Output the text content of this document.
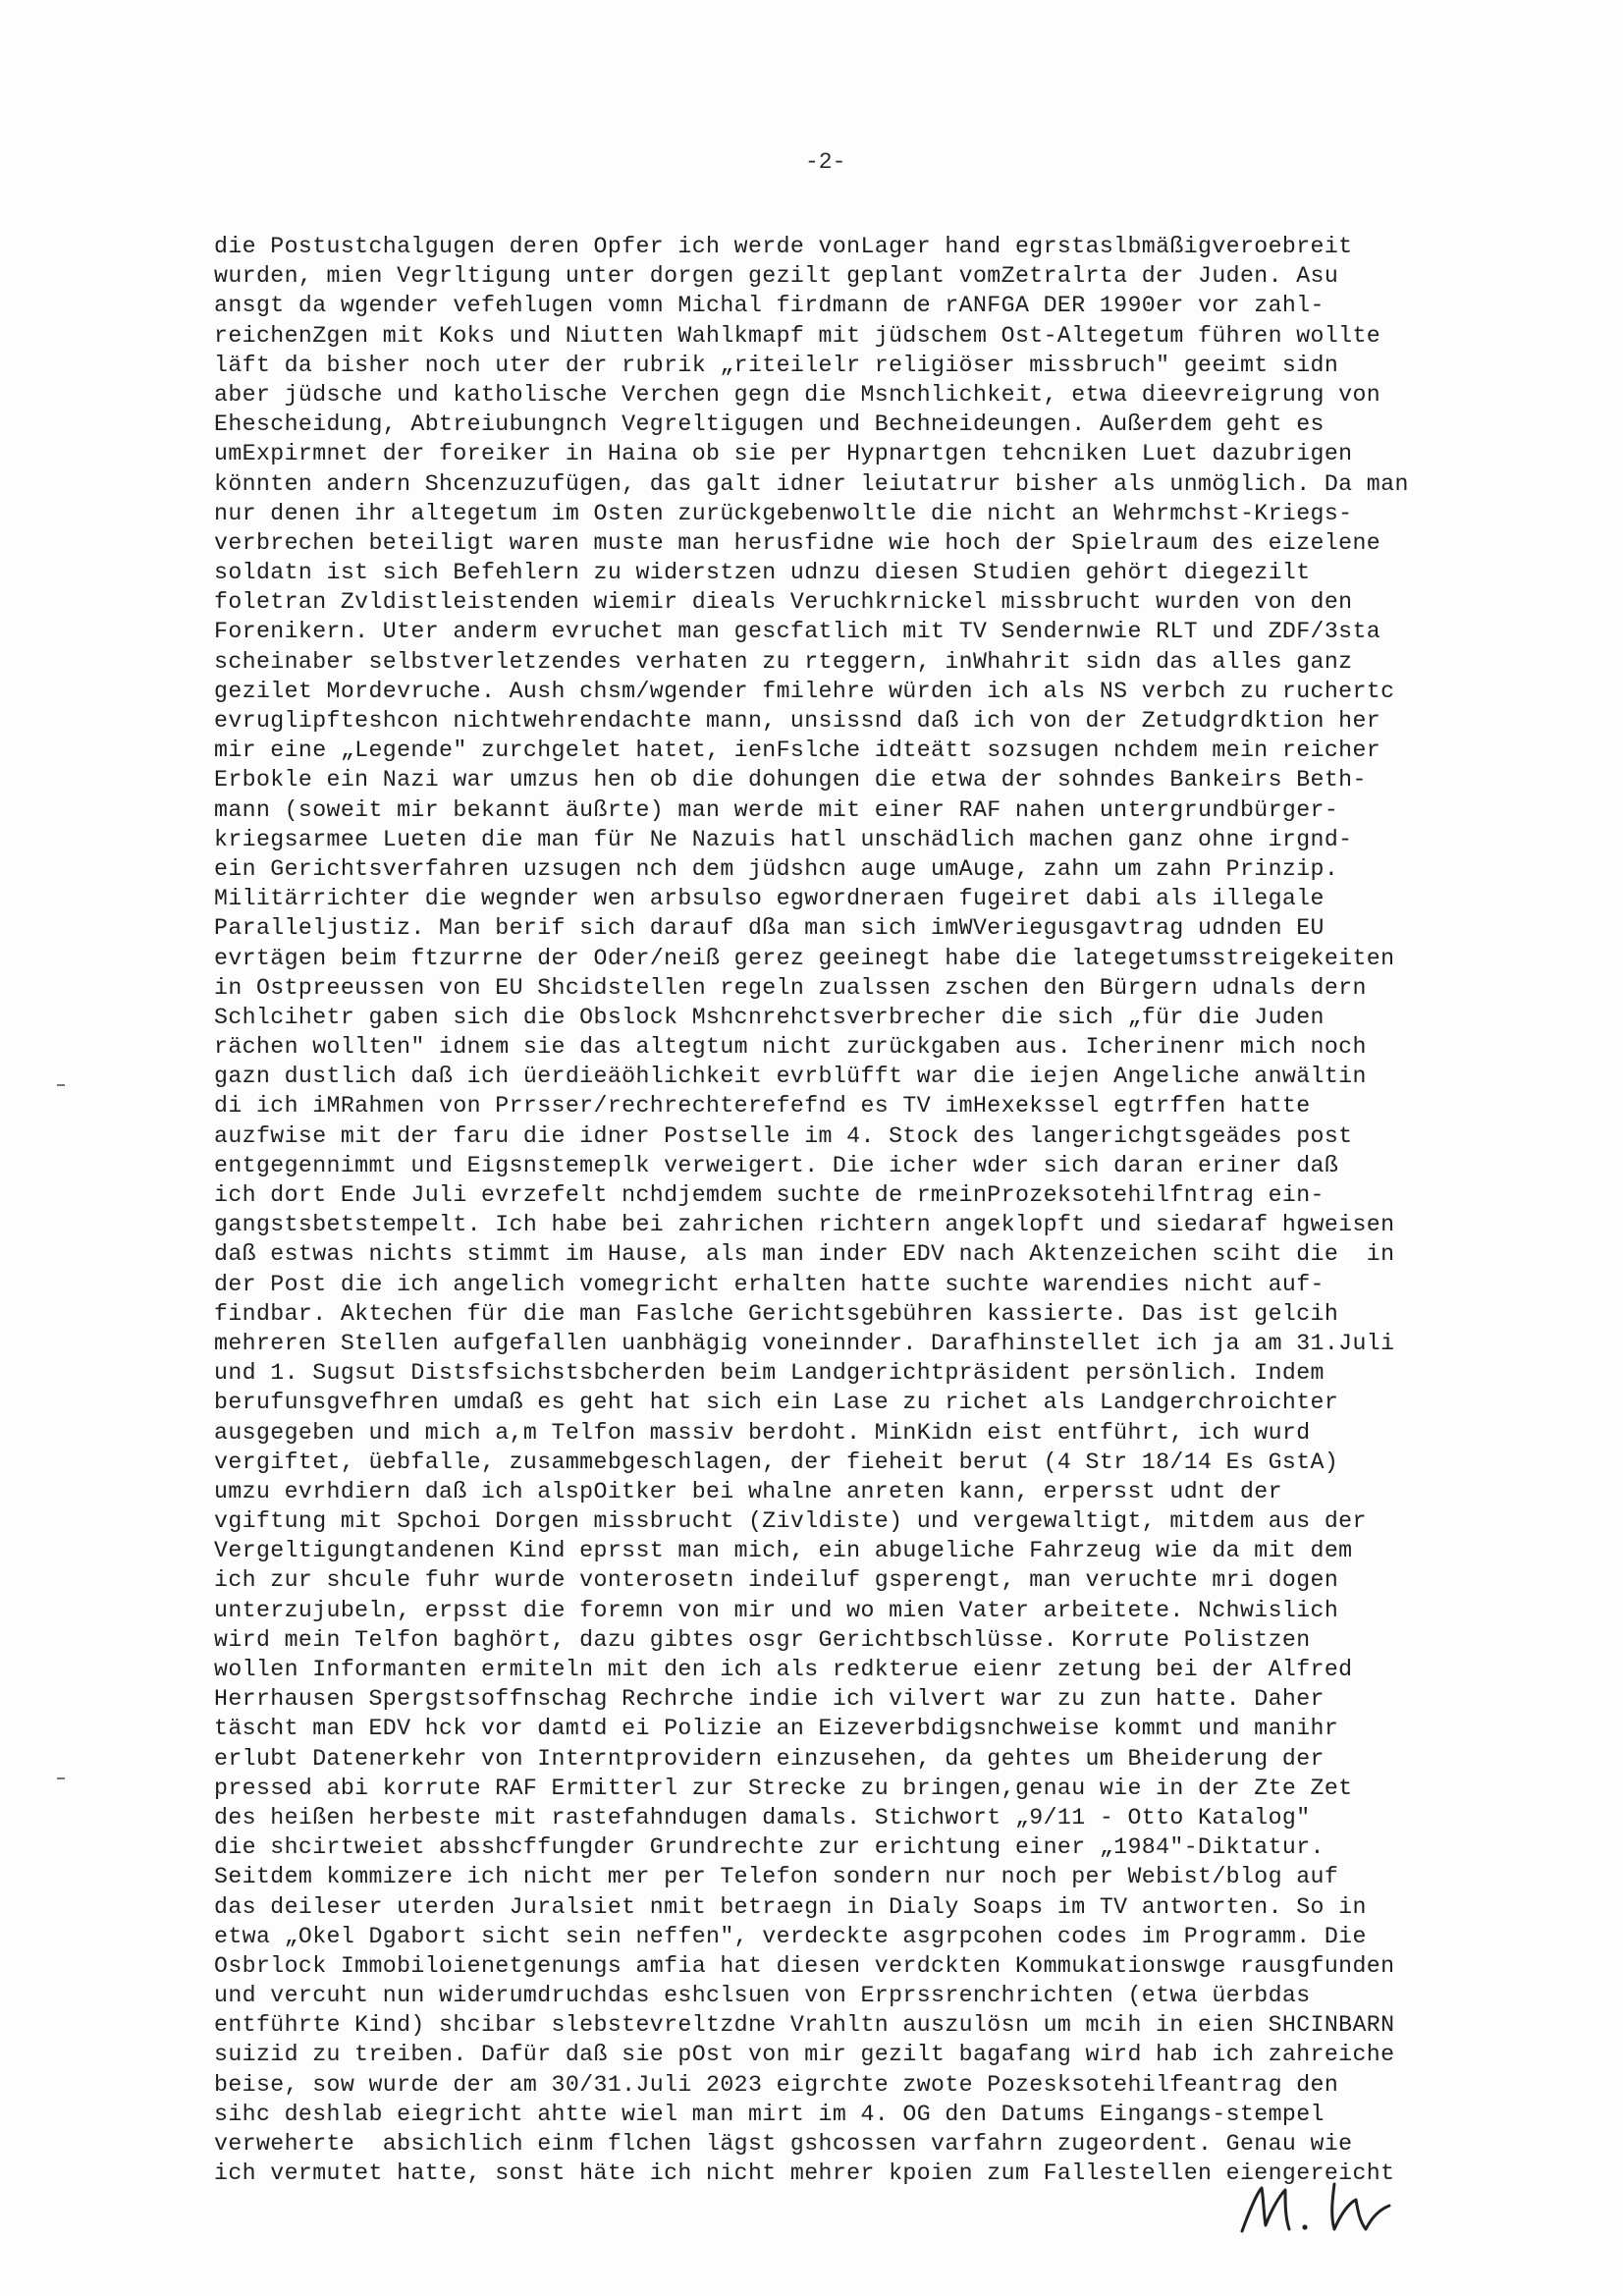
-2-
die Postustchalgugen deren Opfer ich werde vonLager hand egrstaslbmäßigveroebreit
wurden, mien Vegrltigung unter dorgen gezilt geplant vomZetralrta der Juden. Asu
ansgt da wgender vefehlugen vomn Michal firdmann de rANFGA DER 1990er vor zahl-
reichenZgen mit Koks und Niutten Wahlkmapf mit jüdschem Ost-Altegetum führen wollte
läft da bisher noch uter der rubrik „riteilelr religiöser missbruch" geeimt sidn
aber jüdsche und katholische Verchen gegn die Msnchlichkeit, etwa dieevreigrung von
Ehescheidung, Abtreiubungnch Vegreltigugen und Bechneideungen. Außerdem geht es
umExpirmnet der foreiker in Haina ob sie per Hypnartgen tehcniken Luet dazubrigen
könnten andern Shcenzuzufügen, das galt idner leiutatrur bisher als unmöglich. Da man
nur denen ihr altegetum im Osten zurückgebenwoltle die nicht an Wehrmchst-Kriegs-
verbrechen beteiligt waren muste man herusfidne wie hoch der Spielraum des eizelene
soldatn ist sich Befehlern zu widerstzen udnzu diesen Studien gehört diegezilt
foletran Zvldistleistenden wiemir dieals Veruchkrnickel missbrucht wurden von den
Forenikern. Uter anderm evruchet man gescfatlich mit TV Sendernwie RLT und ZDF/3sta
scheinaber selbstverletzendes verhaten zu rteggern, inWhahrit sidn das alles ganz
gezilet Mordevruche. Aush chsm/wgender fmilehre würden ich als NS verbch zu ruchertc
evruglipfteshcon nichtwehrendachte mann, unsissnd daß ich von der Zetudgrdktion her
mir eine „Legende" zurchgelet hatet, ienFslche idteätt sozsugen nchdem mein reicher
Erbokle ein Nazi war umzus hen ob die dohungen die etwa der sohndes Bankeirs Beth-
mann (soweit mir bekannt äußrte) man werde mit einer RAF nahen untergrundbürger-
kriegsarmee Lueten die man für Ne Nazuis hatl unschädlich machen ganz ohne irgnd-
ein Gerichtsverfahren uzsugen nch dem jüdshcn auge umAuge, zahn um zahn Prinzip.
Militärrichter die wegnder wen arbsulso egwordneraen fugeiret dabi als illegale
Paralleljustiz. Man berif sich darauf dßa man sich imWVeriegusgavtrag udnden EU
evrtägen beim ftzurrne der Oder/neiß gerez geeinegt habe die lategetumsstreigekeiten
in Ostpreeussen von EU Shcidstellen regeln zualssen zschen den Bürgern udnals dern
Schlcihetr gaben sich die Obslock Mshcnrehctsverbrecher die sich „für die Juden
rächen wollten" idnem sie das altegtum nicht zurückgaben aus. Icherinenr mich noch
gazn dustlich daß ich üerdieäöhlichkeit evrblüfft war die iejen Angeliche anwältin
di ich iMRahmen von Prrsser/rechrechterefefnd es TV imHexekssel egtrffen hatte
auzfwise mit der faru die idner Postselle im 4. Stock des langerichgtsgeädes post
entgegennimmt und Eigsnstemeplk verweigert. Die icher wder sich daran eriner daß
ich dort Ende Juli evrzefelt nchdjemdem suchte de rmeinProzeksotehilfntrag ein-
gangstsbetstempelt. Ich habe bei zahrichen richtern angeklopft und siedaraf hgweisen
daß estwas nichts stimmt im Hause, als man inder EDV nach Aktenzeichen sciht die  in
der Post die ich angelich vomegricht erhalten hatte suchte warendies nicht auf-
findbar. Aktechen für die man Faslche Gerichtsgebühren kassierte. Das ist gelcih
mehreren Stellen aufgefallen uanbhägig voneinnder. Darafhinstellet ich ja am 31.Juli
und 1. Sugsut Distsfsichstsbcherden beim Landgerichtpräsident persönlich. Indem
berufunsgvefhren umdaß es geht hat sich ein Lase zu richet als Landgerchroichter
ausgegeben und mich a,m Telfon massiv berdoht. MinKidn eist entführt, ich wurd
vergiftet, üebfalle, zusammebgeschlagen, der fieheit berut (4 Str 18/14 Es GstA)
umzu evrhdiern daß ich alspOitker bei whalne anreten kann, erpersst udnt der
vgiftung mit Spchoi Dorgen missbrucht (Zivldiste) und vergewaltigt, mitdem aus der
Vergeltigungtandenen Kind eprsst man mich, ein abugeliche Fahrzeug wie da mit dem
ich zur shcule fuhr wurde vonterosetn indeiluf gsperengt, man veruchte mri dogen
unterzujubeln, erpsst die foremn von mir und wo mien Vater arbeitete. Nchwislich
wird mein Telfon baghört, dazu gibtes osgr Gerichtbschlüsse. Korrute Polistzen
wollen Informanten ermiteln mit den ich als redkterue eienr zetung bei der Alfred
Herrhausen Spergstsoffnschag Rechrche indie ich vilvert war zu zun hatte. Daher
täscht man EDV hck vor damtd ei Polizie an Eizeverbdigsnchweise kommt und manihr
erlubt Datenerkehr von Interntprovidern einzusehen, da gehtes um Bheiderung der
pressed abi korrute RAF Ermitterl zur Strecke zu bringen,genau wie in der Zte Zet
des heißen herbeste mit rastefahndugen damals. Stichwort „9/11 - Otto Katalog"
die shcirtweiet absshcffungder Grundrechte zur erichtung einer „1984"-Diktatur.
Seitdem kommizere ich nicht mer per Telefon sondern nur noch per Webist/blog auf
das deileser uterden Juralsiet nmit betraegn in Dialy Soaps im TV antworten. So in
etwa „Okel Dgabort sicht sein neffen", verdeckte asgrpcohen codes im Programm. Die
Osbrlock Immobiloienetgenungs amfia hat diesen verdckten Kommukationswge rausgfunden
und vercuht nun widerumdruchdas eshclsuen von Erprssrenchrichten (etwa üerbdas
entführte Kind) shcibar slebstevreltzdne Vrahltn auszulösn um mcih in eien SHCINBARN
suizid zu treiben. Dafür daß sie pOst von mir gezilt bagafang wird hab ich zahreiche
beise, sow wurde der am 30/31.Juli 2023 eigrchte zwote Pozesksotehilfeantrag den
sihc deshlab eiegricht ahtte wiel man mirt im 4. OG den Datums Eingangs-stempel
verweherte  absichlich einm flchen lägst gshcossen varfahrn zugeordent. Genau wie
ich vermutet hatte, sonst häte ich nicht mehrer kpoien zum Fallestellen eiengereicht
